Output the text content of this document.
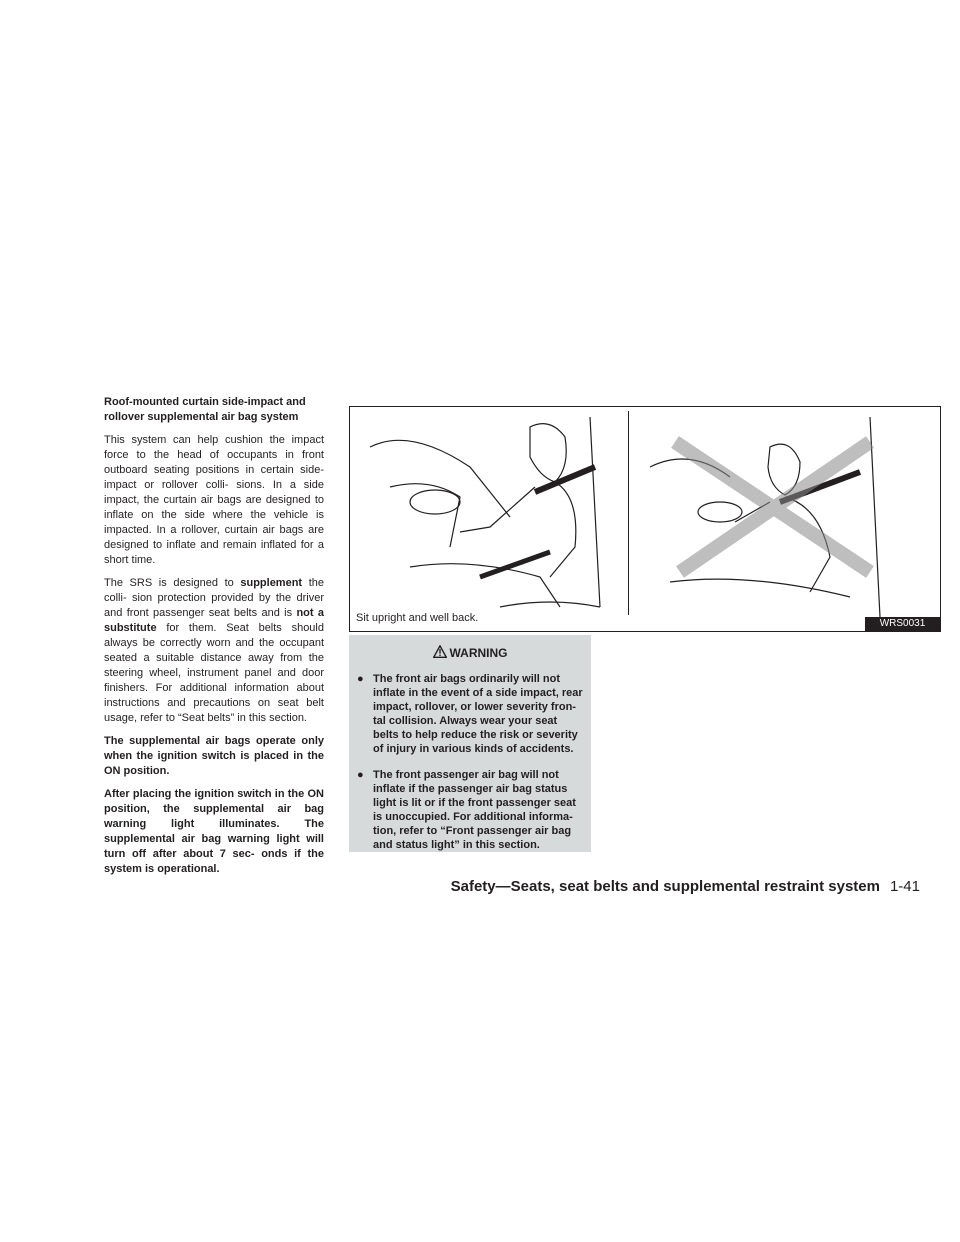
Roof-mounted curtain side-impact and rollover supplemental air bag system

This system can help cushion the impact force to the head of occupants in front outboard seating positions in certain side-impact or rollover colli- sions. In a side impact, the curtain air bags are designed to inflate on the side where the vehicle is impacted. In a rollover, curtain air bags are designed to inflate and remain inflated for a short time.

The SRS is designed to supplement the colli- sion protection provided by the driver and front passenger seat belts and is not a substitute for them. Seat belts should always be correctly worn and the occupant seated a suitable distance away from the steering wheel, instrument panel and door finishers. For additional information about instructions and precautions on seat belt usage, refer to “Seat belts” in this section.

The supplemental air bags operate only when the ignition switch is placed in the ON position.

After placing the ignition switch in the ON position, the supplemental air bag warning light illuminates. The supplemental air bag warning light will turn off after about 7 sec- onds if the system is operational.

Sit upright and well back.	WRS0031
WARNING
● The front air bags ordinarily will not inflate in the event of a side impact, rear impact, rollover, or lower severity fron- tal collision. Always wear your seat belts to help reduce the risk or severity of injury in various kinds of accidents.
● The front passenger air bag will not inflate if the passenger air bag status light is lit or if the front passenger seat is unoccupied. For additional informa- tion, refer to “Front passenger air bag and status light” in this section.
Safety—Seats, seat belts and supplemental restraint system 1-41
